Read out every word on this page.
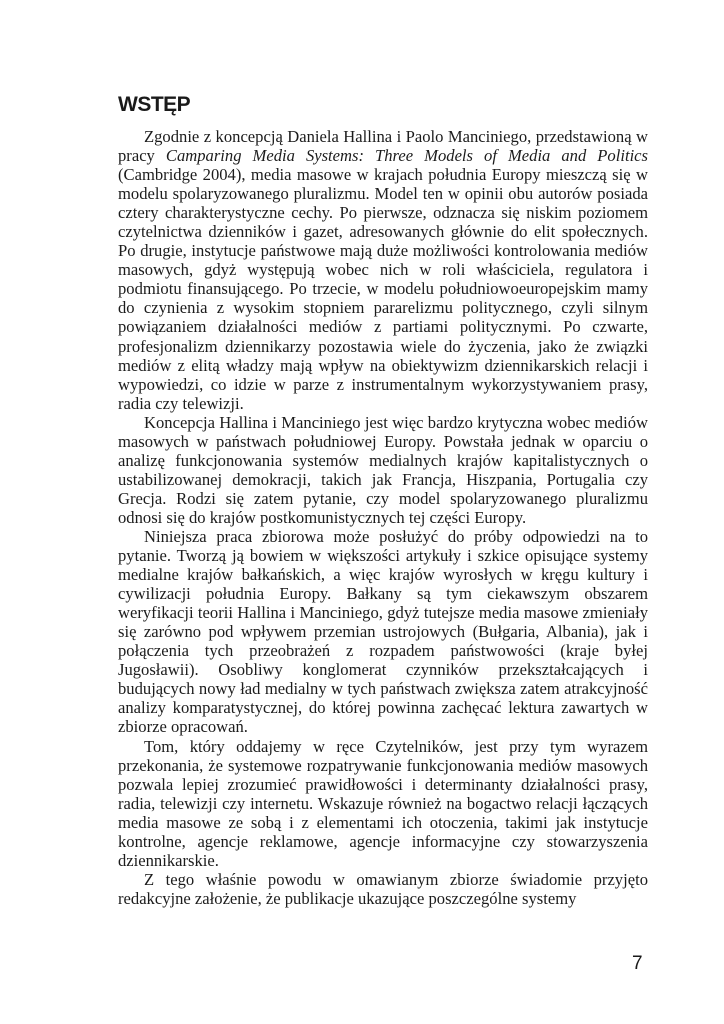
WSTĘP

Zgodnie z koncepcją Daniela Hallina i Paolo Manciniego, przedstawioną w pracy Camparing Media Systems: Three Models of Media and Politics (Cambridge 2004), media masowe w krajach południa Europy mieszczą się w modelu spolaryzowanego pluralizmu. Model ten w opinii obu autorów posiada cztery charakterystyczne cechy. Po pierwsze, odznacza się niskim poziomem czytelnictwa dzienników i gazet, adresowanych głównie do elit społecznych. Po drugie, instytucje państwowe mają duże możliwości kontrolowania mediów masowych, gdyż występują wobec nich w roli właściciela, regulatora i podmiotu finansującego. Po trzecie, w modelu południowoeuropejskim mamy do czynienia z wysokim stopniem pararelizmu politycznego, czyli silnym powiązaniem działalności mediów z partiami politycznymi. Po czwarte, profesjonalizm dziennikarzy pozostawia wiele do życzenia, jako że związki mediów z elitą władzy mają wpływ na obiektywizm dziennikarskich relacji i wypowiedzi, co idzie w parze z instrumentalnym wykorzystywaniem prasy, radia czy telewizji.

Koncepcja Hallina i Manciniego jest więc bardzo krytyczna wobec mediów masowych w państwach południowej Europy. Powstała jednak w oparciu o analizę funkcjonowania systemów medialnych krajów kapitalistycznych o ustabilizowanej demokracji, takich jak Francja, Hiszpania, Portugalia czy Grecja. Rodzi się zatem pytanie, czy model spolaryzowanego pluralizmu odnosi się do krajów postkomunistycznych tej części Europy.

Niniejsza praca zbiorowa może posłużyć do próby odpowiedzi na to pytanie. Tworzą ją bowiem w większości artykuły i szkice opisujące systemy medialne krajów bałkańskich, a więc krajów wyrosłych w kręgu kultury i cywilizacji południa Europy. Bałkany są tym ciekawszym obszarem weryfikacji teorii Hallina i Manciniego, gdyż tutejsze media masowe zmieniały się zarówno pod wpływem przemian ustrojowych (Bułgaria, Albania), jak i połączenia tych przeobrażeń z rozpadem państwowości (kraje byłej Jugosławii). Osobliwy konglomerat czynników przekształcających i budujących nowy ład medialny w tych państwach zwiększa zatem atrakcyjność analizy komparatystycznej, do której powinna zachęcać lektura zawartych w zbiorze opracowań.

Tom, który oddajemy w ręce Czytelników, jest przy tym wyrazem przekonania, że systemowe rozpatrywanie funkcjonowania mediów masowych pozwala lepiej zrozumieć prawidłowości i determinanty działalności prasy, radia, telewizji czy internetu. Wskazuje również na bogactwo relacji łączących media masowe ze sobą i z elementami ich otoczenia, takimi jak instytucje kontrolne, agencje reklamowe, agencje informacyjne czy stowarzyszenia dziennikarskie.

Z tego właśnie powodu w omawianym zbiorze świadomie przyjęto redakcyjne założenie, że publikacje ukazujące poszczególne systemy

7
